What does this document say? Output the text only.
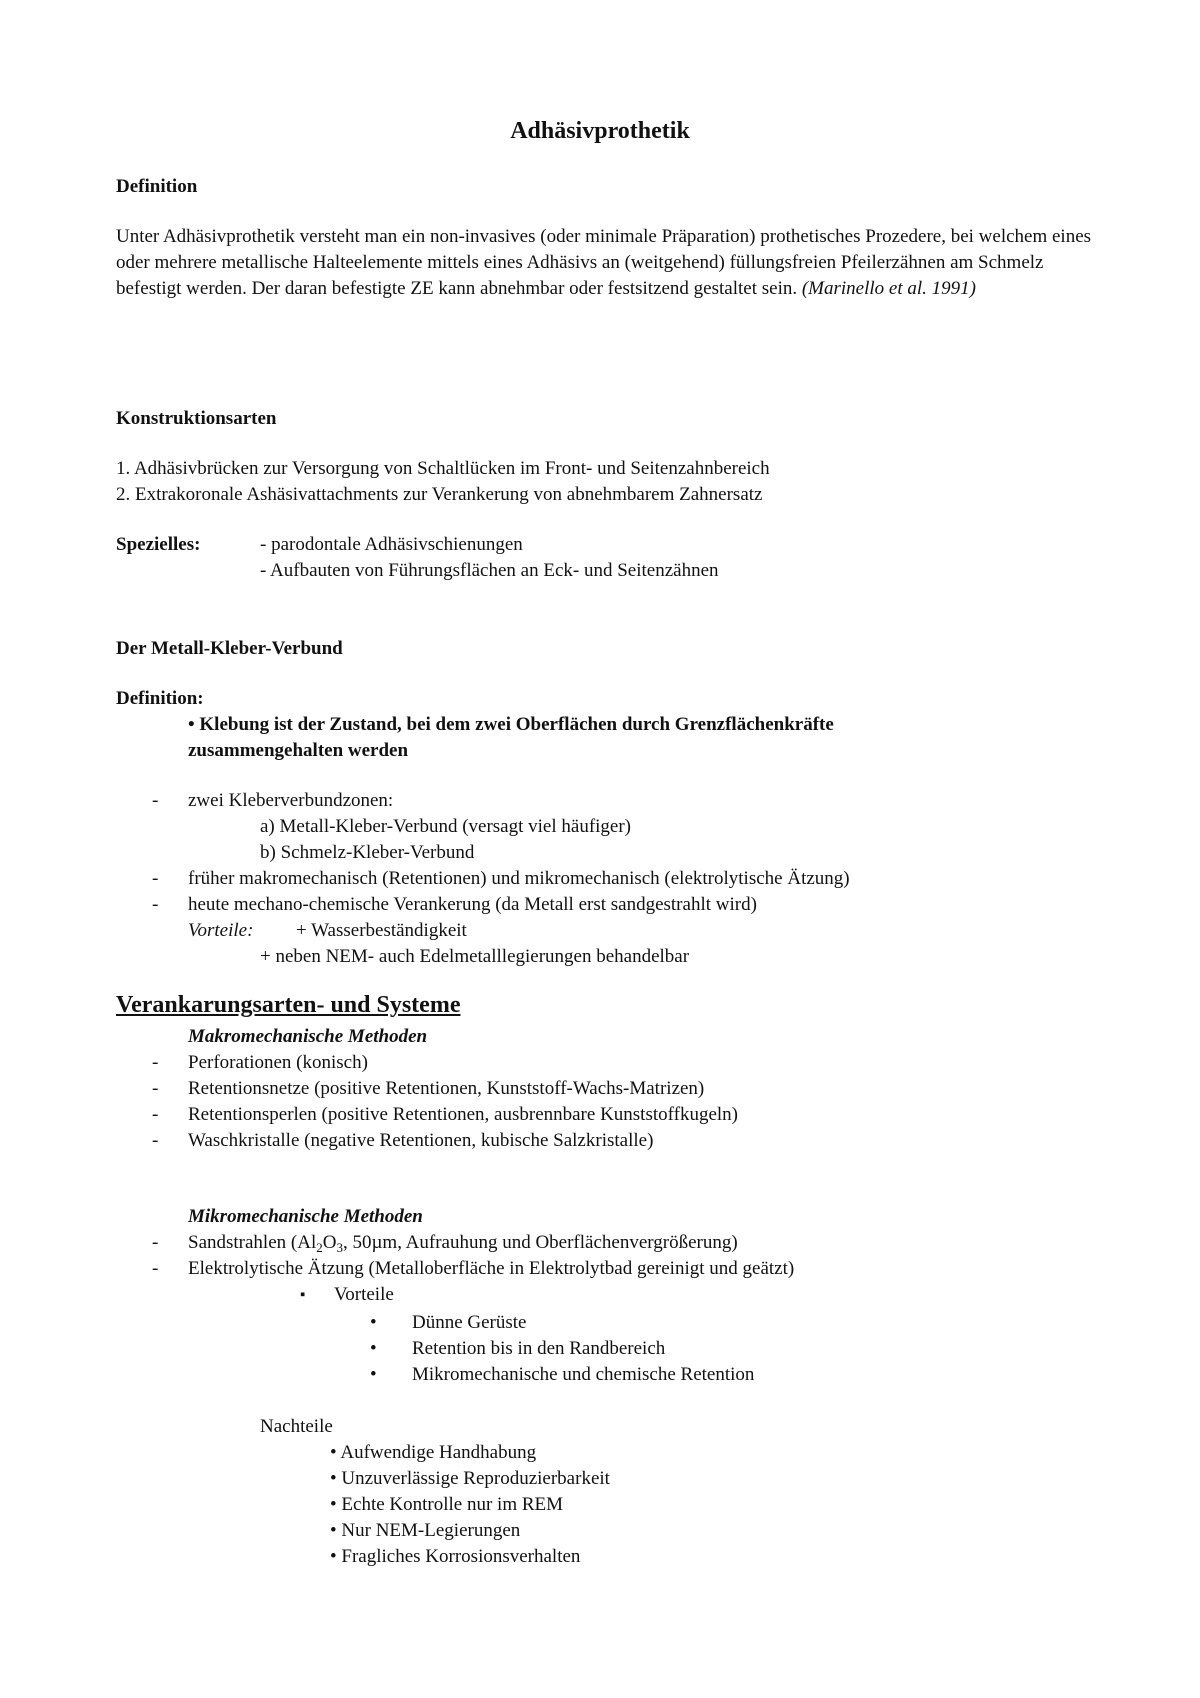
Adhäsivprothetik
Definition
Unter Adhäsivprothetik versteht man ein non-invasives (oder minimale Präparation) prothetisches Prozedere, bei welchem eines oder mehrere metallische Halteelemente mittels eines Adhäsivs an (weitgehend) füllungsfreien Pfeilerzähnen am Schmelz befestigt werden. Der daran befestigte ZE kann abnehmbar oder festsitzend gestaltet sein. (Marinello et al. 1991)
Konstruktionsarten
1. Adhäsivbrücken zur Versorgung von Schaltlücken im Front- und Seitenzahnbereich
2. Extrakoronale Ashäsivattachments zur Verankerung von abnehmbarem Zahnersatz
Spezielles:	- parodontale Adhäsivschienungen
- Aufbauten von Führungsflächen an Eck- und Seitenzähnen
Der Metall-Kleber-Verbund
Definition:
• Klebung ist der Zustand, bei dem zwei Oberflächen durch Grenzflächenkräfte
zusammengehalten werden
- zwei Kleberverbundzonen:
a) Metall-Kleber-Verbund (versagt viel häufiger)
b) Schmelz-Kleber-Verbund
- früher makromechanisch (Retentionen) und mikromechanisch (elektrolytische Ätzung)
- heute mechano-chemische Verankerung (da Metall erst sandgestrahlt wird)
Vorteile: + Wasserbeständigkeit
+ neben NEM- auch Edelmetalllegierungen behandelbar
Verankarungsarten- und Systeme
Makromechanische Methoden
- Perforationen (konisch)
- Retentionsnetze (positive Retentionen, Kunststoff-Wachs-Matrizen)
- Retentionsperlen (positive Retentionen, ausbrennbare Kunststoffkugeln)
- Waschkristalle (negative Retentionen, kubische Salzkristalle)
Mikromechanische Methoden
- Sandstrahlen ($Al_2O_3$, 50µm, Aufrauhung und Oberflächenvergrößerung)
- Elektrolytische Ätzung (Metalloberfläche in Elektrolytbad gereinigt und geätzt)
▪ Vorteile
• Dünne Gerüste
• Retention bis in den Randbereich
• Mikromechanische und chemische Retention
Nachteile
• Aufwendige Handhabung
• Unzuverlässige Reproduzierbarkeit
• Echte Kontrolle nur im REM
• Nur NEM-Legierungen
• Fragliches Korrosionsverhalten
